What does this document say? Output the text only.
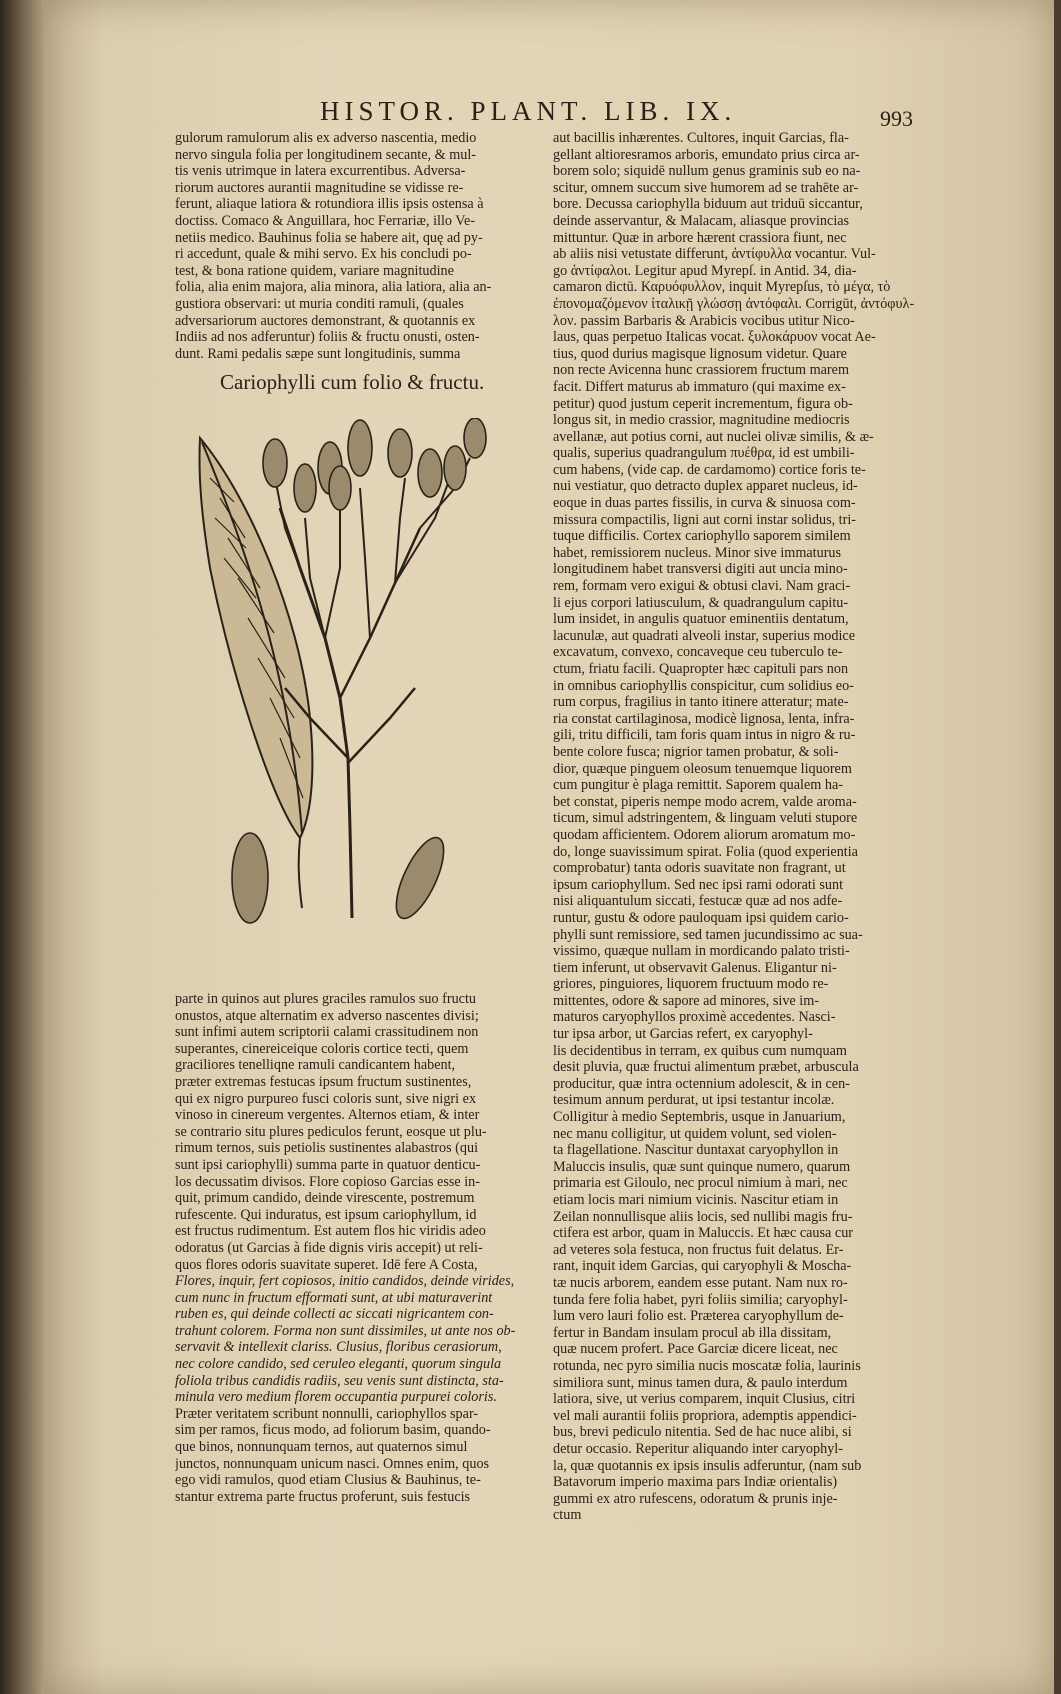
HISTOR. PLANT. LIB. IX.	993
gulorum ramulorum alis ex adverso nascentia, medio
nervo singula folia per longitudinem secante, & mul-
tis venis utrimque in latera excurrentibus. Adversa-
riorum auctores aurantii magnitudine se vidisse re-
ferunt, aliaque latiora & rotundiora illis ipsis ostensa à
doctiss. Comaco & Anguillara, hoc Ferrariæ, illo Ve-
netiis medico. Bauhinus folia se habere ait, quę ad py-
ri accedunt, quale & mihi servo. Ex his concludi po-
test, & bona ratione quidem, variare magnitudine
folia, alia enim majora, alia minora, alia latiora, alia an-
gustiora observari: ut muria conditi ramuli, (quales
adversariorum auctores demonstrant, & quotannis ex
Indiis ad nos adferuntur) foliis & fructu onusti, osten-
dunt. Rami pedalis sæpe sunt longitudinis, summa
Cariophylli cum folio & fructu.
parte in quinos aut plures graciles ramulos suo fructu
onustos, atque alternatim ex adverso nascentes divisi;
sunt infimi autem scriptorii calami crassitudinem non
superantes, cinereiceique coloris cortice tecti, quem
graciliores tenelliqne ramuli candicantem habent,
præter extremas festucas ipsum fructum sustinentes,
qui ex nigro purpureo fusci coloris sunt, sive nigri ex
vinoso in cinereum vergentes. Alternos etiam, & inter
se contrario situ plures pediculos ferunt, eosque ut plu-
rimum ternos, suis petiolis sustinentes alabastros (qui
sunt ipsi cariophylli) summa parte in quatuor denticu-
los decussatim divisos. Flore copioso Garcias esse in-
quit, primum candido, deinde virescente, postremum
rufescente. Qui induratus, est ipsum cariophyllum, id
est fructus rudimentum. Est autem flos hic viridis adeo
odoratus (ut Garcias à fide dignis viris accepit) ut reli-
quos flores odoris suavitate superet. Idē fere A Costa,
Flores, inquir, fert copiosos, initio candidos, deinde virides,
cum nunc in fructum efformati sunt, at ubi maturaverint
ruben es, qui deinde collecti ac siccati nigricantem con-
trahunt colorem. Forma non sunt dissimiles, ut ante nos ob-
servavit & intellexit clariss. Clusius, floribus cerasiorum,
nec colore candido, sed ceruleo eleganti, quorum singula
foliola tribus candidis radiis, seu venis sunt distincta, sta-
minula vero medium florem occupantia purpurei coloris.
Præter veritatem scribunt nonnulli, cariophyllos spar-
sim per ramos, ficus modo, ad foliorum basim, quando-
que binos, nonnunquam ternos, aut quaternos simul
junctos, nonnunquam unicum nasci. Omnes enim, quos
ego vidi ramulos, quod etiam Clusius & Bauhinus, te-
stantur extrema parte fructus proferunt, suis festucis
aut bacillis inhærentes. Cultores, inquit Garcias, fla-
gellant altioresramos arboris, emundato prius circa ar-
borem solo; siquidē nullum genus graminis sub eo na-
scitur, omnem succum sive humorem ad se trahēte ar-
bore. Decussa cariophylla biduum aut triduū siccantur,
deinde asservantur, & Malacam, aliasque provincias
mittuntur. Quæ in arbore hærent crassiora fiunt, nec
ab aliis nisi vetustate differunt, ἀντίφυλλα vocantur. Vul-
go ἀντίφαλοι. Legitur apud Myrepſ. in Antid. 34, dia-
camaron dictū. Καρυόφυλλον, inquit Myrepſus, τὸ μέγα, τὸ
ἐπονομαζόμενον ἰταλικῇ γλώσσῃ ἀντόφαλι. Corrigūt, ἀντόφυλ-
λον. passim Barbaris & Arabicis vocibus utitur Nico-
laus, quas perpetuo Italicas vocat. ξυλοκάρυον vocat Ae-
tius, quod durius magisque lignosum videtur. Quare
non recte Avicenna hunc crassiorem fructum marem
facit. Differt maturus ab immaturo (qui maxime ex-
petitur) quod justum ceperit incrementum, figura ob-
longus sit, in medio crassior, magnitudine mediocris
avellanæ, aut potius corni, aut nuclei olivæ similis, & æ-
qualis, superius quadrangulum πυέθρα, id est umbili-
cum habens, (vide cap. de cardamomo) cortice foris te-
nui vestiatur, quo detracto duplex apparet nucleus, id-
eoque in duas partes fissilis, in curva & sinuosa com-
missura compactilis, ligni aut corni instar solidus, tri-
tuque difficilis. Cortex cariophyllo saporem similem
habet, remissiorem nucleus. Minor sive immaturus
longitudinem habet transversi digiti aut uncia mino-
rem, formam vero exigui & obtusi clavi. Nam graci-
li ejus corpori latiusculum, & quadrangulum capitu-
lum insidet, in angulis quatuor eminentiis dentatum,
lacunulæ, aut quadrati alveoli instar, superius modice
excavatum, convexo, concaveque ceu tuberculo te-
ctum, friatu facili. Quapropter hæc capituli pars non
in omnibus cariophyllis conspicitur, cum solidius eo-
rum corpus, fragilius in tanto itinere atteratur; mate-
ria constat cartilaginosa, modicè lignosa, lenta, infra-
gili, tritu difficili, tam foris quam intus in nigro & ru-
bente colore fusca; nigrior tamen probatur, & soli-
dior, quæque pinguem oleosum tenuemque liquorem
cum pungitur è plaga remittit. Saporem qualem ha-
bet constat, piperis nempe modo acrem, valde aroma-
ticum, simul adstringentem, & linguam veluti stupore
quodam afficientem. Odorem aliorum aromatum mo-
do, longe suavissimum spirat. Folia (quod experientia
comprobatur) tanta odoris suavitate non fragrant, ut
ipsum cariophyllum. Sed nec ipsi rami odorati sunt
nisi aliquantulum siccati, festucæ quæ ad nos adfe-
runtur, gustu & odore pauloquam ipsi quidem cario-
phylli sunt remissiore, sed tamen jucundissimo ac sua-
vissimo, quæque nullam in mordicando palato tristi-
tiem inferunt, ut observavit Galenus. Eligantur ni-
griores, pinguiores, liquorem fructuum modo re-
mittentes, odore & sapore ad minores, sive im-
maturos caryophyllos proximè accedentes. Nasci-
tur ipsa arbor, ut Garcias refert, ex caryophyl-
lis decidentibus in terram, ex quibus cum numquam
desit pluvia, quæ fructui alimentum præbet, arbuscula
producitur, quæ intra octennium adolescit, & in cen-
tesimum annum perdurat, ut ipsi testantur incolæ.
Colligitur à medio Septembris, usque in Januarium,
nec manu colligitur, ut quidem volunt, sed violen-
ta flagellatione. Nascitur duntaxat caryophyllon in
Maluccis insulis, quæ sunt quinque numero, quarum
primaria est Giloulo, nec procul nimium à mari, nec
etiam locis mari nimium vicinis. Nascitur etiam in
Zeilan nonnullisque aliis locis, sed nullibi magis fru-
ctifera est arbor, quam in Maluccis. Et hæc causa cur
ad veteres sola festuca, non fructus fuit delatus. Er-
rant, inquit idem Garcias, qui caryophyli & Moscha-
tæ nucis arborem, eandem esse putant. Nam nux ro-
tunda fere folia habet, pyri foliis similia; caryophyl-
lum vero lauri folio est. Præterea caryophyllum de-
fertur in Bandam insulam procul ab illa dissitam,
quæ nucem profert. Pace Garciæ dicere liceat, nec
rotunda, nec pyro similia nucis moscatæ folia, laurinis
similiora sunt, minus tamen dura, & paulo interdum
latiora, sive, ut verius comparem, inquit Clusius, citri
vel mali aurantii foliis propriora, ademptis appendici-
bus, brevi pediculo nitentia. Sed de hac nuce alibi, si
detur occasio. Reperitur aliquando inter caryophyl-
la, quæ quotannis ex ipsis insulis adferuntur, (nam sub
Batavorum imperio maxima pars Indiæ orientalis)
gummi ex atro rufescens, odoratum & prunis inje-
ctum
